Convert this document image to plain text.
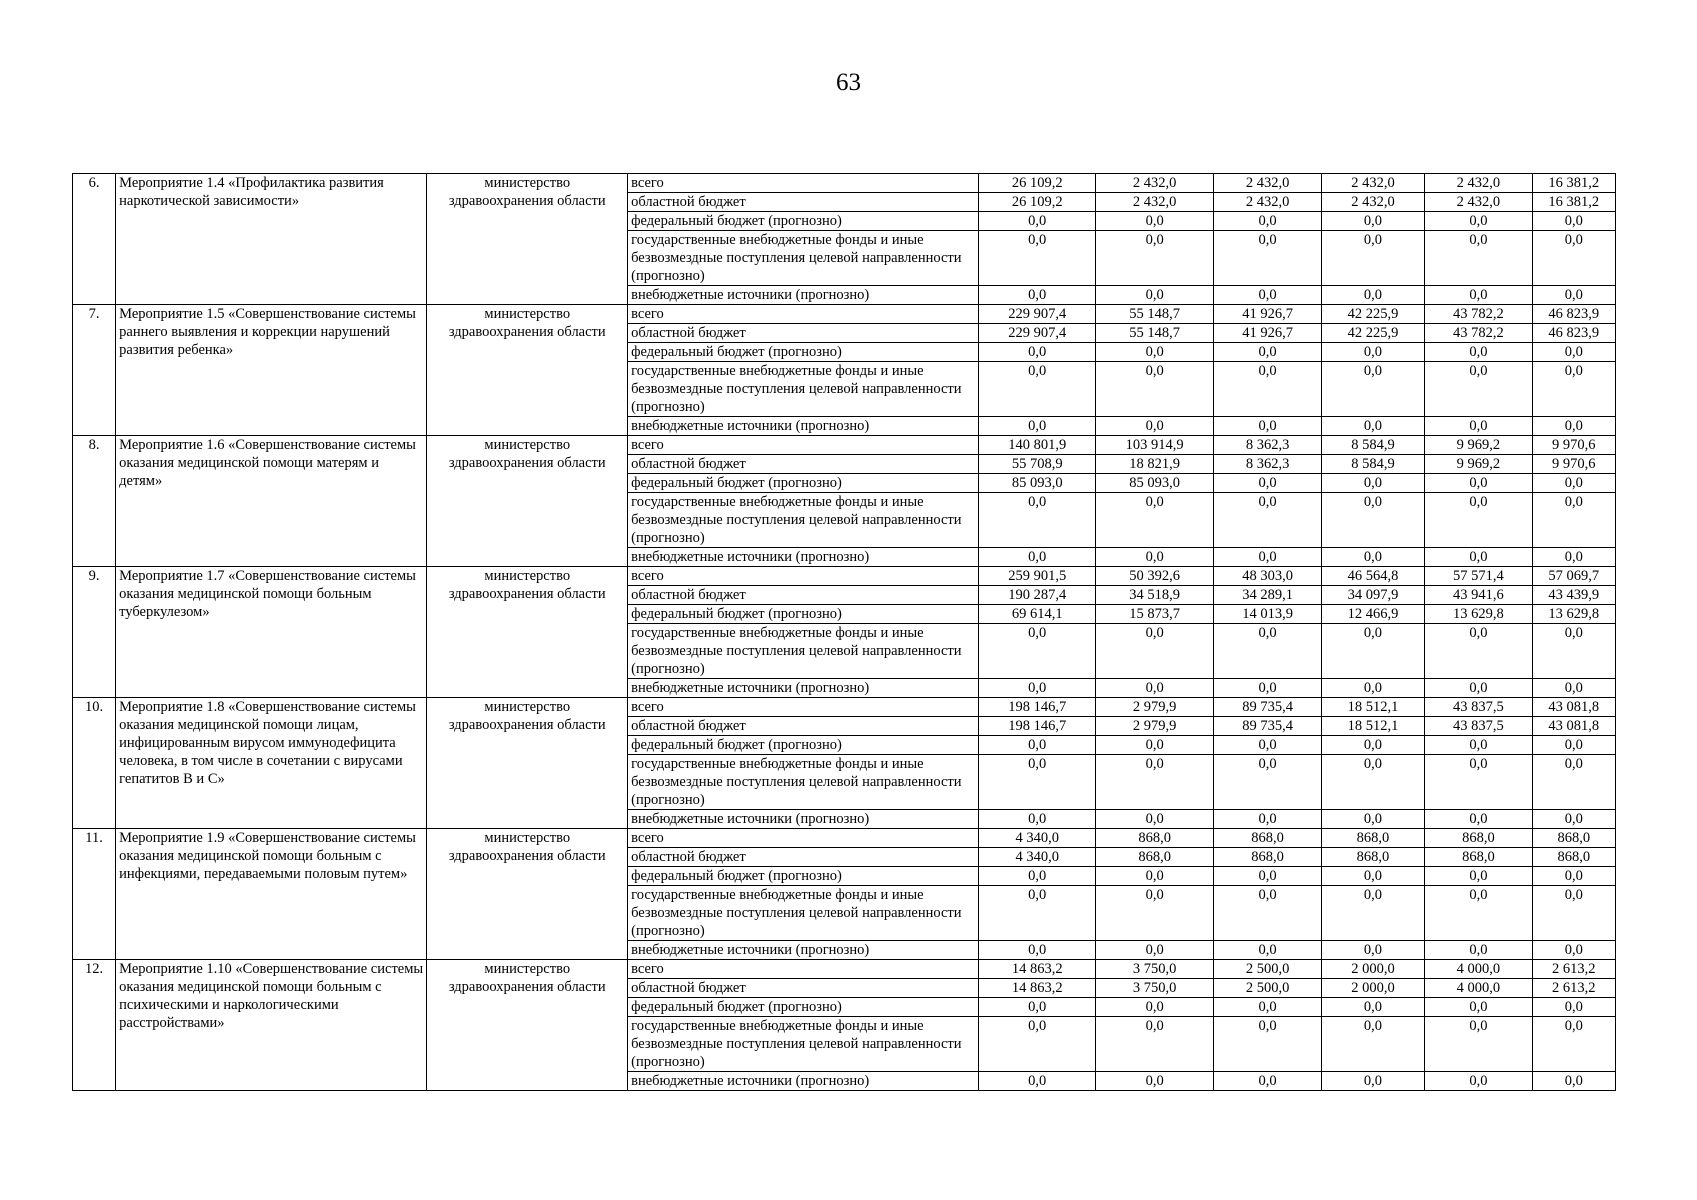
63
6.	Мероприятие 1.4 «Профилактика развития наркотической зависимости»	министерство здравоохранения области	всего	26 109,2	2 432,0	2 432,0	2 432,0	2 432,0	16 381,2
			областной бюджет	26 109,2	2 432,0	2 432,0	2 432,0	2 432,0	16 381,2
			федеральный бюджет (прогнозно)	0,0	0,0	0,0	0,0	0,0	0,0
			государственные внебюджетные фонды и иные безвозмездные поступления целевой направленности (прогнозно)	0,0	0,0	0,0	0,0	0,0	0,0
			внебюджетные источники (прогнозно)	0,0	0,0	0,0	0,0	0,0	0,0
7.	Мероприятие 1.5 «Совершенствование системы раннего выявления и коррекции нарушений развития ребенка»	министерство здравоохранения области	всего	229 907,4	55 148,7	41 926,7	42 225,9	43 782,2	46 823,9
			областной бюджет	229 907,4	55 148,7	41 926,7	42 225,9	43 782,2	46 823,9
			федеральный бюджет (прогнозно)	0,0	0,0	0,0	0,0	0,0	0,0
			государственные внебюджетные фонды и иные безвозмездные поступления целевой направленности (прогнозно)	0,0	0,0	0,0	0,0	0,0	0,0
			внебюджетные источники (прогнозно)	0,0	0,0	0,0	0,0	0,0	0,0
8.	Мероприятие 1.6 «Совершенствование системы оказания медицинской помощи матерям и детям»	министерство здравоохранения области	всего	140 801,9	103 914,9	8 362,3	8 584,9	9 969,2	9 970,6
			областной бюджет	55 708,9	18 821,9	8 362,3	8 584,9	9 969,2	9 970,6
			федеральный бюджет (прогнозно)	85 093,0	85 093,0	0,0	0,0	0,0	0,0
			государственные внебюджетные фонды и иные безвозмездные поступления целевой направленности (прогнозно)	0,0	0,0	0,0	0,0	0,0	0,0
			внебюджетные источники (прогнозно)	0,0	0,0	0,0	0,0	0,0	0,0
9.	Мероприятие 1.7 «Совершенствование системы оказания медицинской помощи больным туберкулезом»	министерство здравоохранения области	всего	259 901,5	50 392,6	48 303,0	46 564,8	57 571,4	57 069,7
			областной бюджет	190 287,4	34 518,9	34 289,1	34 097,9	43 941,6	43 439,9
			федеральный бюджет (прогнозно)	69 614,1	15 873,7	14 013,9	12 466,9	13 629,8	13 629,8
			государственные внебюджетные фонды и иные безвозмездные поступления целевой направленности (прогнозно)	0,0	0,0	0,0	0,0	0,0	0,0
			внебюджетные источники (прогнозно)	0,0	0,0	0,0	0,0	0,0	0,0
10.	Мероприятие 1.8 «Совершенствование системы оказания медицинской помощи лицам, инфицированным вирусом иммунодефицита человека, в том числе в сочетании с вирусами гепатитов В и С»	министерство здравоохранения области	всего	198 146,7	2 979,9	89 735,4	18 512,1	43 837,5	43 081,8
			областной бюджет	198 146,7	2 979,9	89 735,4	18 512,1	43 837,5	43 081,8
			федеральный бюджет (прогнозно)	0,0	0,0	0,0	0,0	0,0	0,0
			государственные внебюджетные фонды и иные безвозмездные поступления целевой направленности (прогнозно)	0,0	0,0	0,0	0,0	0,0	0,0
			внебюджетные источники (прогнозно)	0,0	0,0	0,0	0,0	0,0	0,0
11.	Мероприятие 1.9 «Совершенствование системы оказания медицинской помощи больным с инфекциями, передаваемыми половым путем»	министерство здравоохранения области	всего	4 340,0	868,0	868,0	868,0	868,0	868,0
			областной бюджет	4 340,0	868,0	868,0	868,0	868,0	868,0
			федеральный бюджет (прогнозно)	0,0	0,0	0,0	0,0	0,0	0,0
			государственные внебюджетные фонды и иные безвозмездные поступления целевой направленности (прогнозно)	0,0	0,0	0,0	0,0	0,0	0,0
			внебюджетные источники (прогнозно)	0,0	0,0	0,0	0,0	0,0	0,0
12.	Мероприятие 1.10 «Совершенствование системы оказания медицинской помощи больным с психическими и наркологическими расстройствами»	министерство здравоохранения области	всего	14 863,2	3 750,0	2 500,0	2 000,0	4 000,0	2 613,2
			областной бюджет	14 863,2	3 750,0	2 500,0	2 000,0	4 000,0	2 613,2
			федеральный бюджет (прогнозно)	0,0	0,0	0,0	0,0	0,0	0,0
			государственные внебюджетные фонды и иные безвозмездные поступления целевой направленности (прогнозно)	0,0	0,0	0,0	0,0	0,0	0,0
			внебюджетные источники (прогнозно)	0,0	0,0	0,0	0,0	0,0	0,0
